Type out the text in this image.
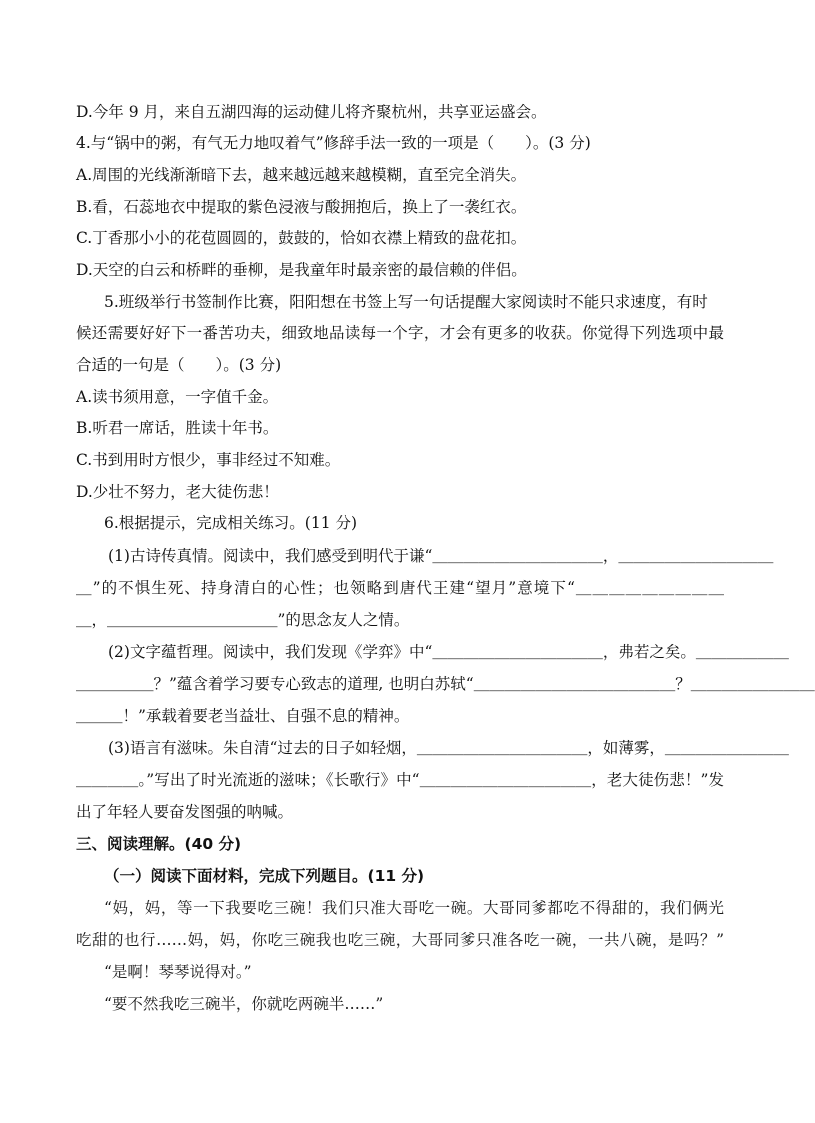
D.今年 9 月，来自五湖四海的运动健儿将齐聚杭州，共享亚运盛会。
4.与“锅中的粥，有气无力地叹着气”修辞手法一致的一项是（　　）。(3 分)
A.周围的光线渐渐暗下去，越来越远越来越模糊，直至完全消失。
B.看，石蕊地衣中提取的紫色浸液与酸拥抱后，换上了一袭红衣。
C.丁香那小小的花苞圆圆的，鼓鼓的，恰如衣襟上精致的盘花扣。
D.天空的白云和桥畔的垂柳，是我童年时最亲密的最信赖的伴侣。
5.班级举行书签制作比赛，阳阳想在书签上写一句话提醒大家阅读时不能只求速度，有时
候还需要好好下一番苦功夫，细致地品读每一个字，才会有更多的收获。你觉得下列选项中最
合适的一句是（　　）。(3 分)
A.读书须用意，一字值千金。
B.听君一席话，胜读十年书。
C.书到用时方恨少，事非经过不知难。
D.少壮不努力，老大徒伤悲！
6.根据提示，完成相关练习。(11 分)
(1)古诗传真情。阅读中，我们感受到明代于谦“＿＿＿＿＿＿＿＿＿＿＿，＿＿＿＿＿＿＿＿＿＿
＿”的不惧生死、持身清白的心性；也领略到唐代王建“望月”意境下“＿＿＿＿＿＿＿＿＿
＿，＿＿＿＿＿＿＿＿＿＿＿”的思念友人之情。
(2)文字蕴哲理。阅读中，我们发现《学弈》中“＿＿＿＿＿＿＿＿＿＿＿，弗若之矣。＿＿＿＿＿＿
＿＿＿＿＿？”蕴含着学习要专心致志的道理, 也明白苏轼“＿＿＿＿＿＿＿＿＿＿＿＿＿？＿＿＿＿＿＿＿＿
＿＿＿！”承载着要老当益壮、自强不息的精神。
(3)语言有滋味。朱自清“过去的日子如轻烟，＿＿＿＿＿＿＿＿＿＿＿，如薄雾，＿＿＿＿＿＿＿＿
＿＿＿＿。”写出了时光流逝的滋味；《长歌行》中“＿＿＿＿＿＿＿＿＿＿＿，老大徒伤悲！”发
出了年轻人要奋发图强的呐喊。
三、阅读理解。(40 分)
（一）阅读下面材料，完成下列题目。(11 分)
“妈，妈，等一下我要吃三碗！我们只准大哥吃一碗。大哥同爹都吃不得甜的，我们俩光
吃甜的也行……妈，妈，你吃三碗我也吃三碗，大哥同爹只准各吃一碗，一共八碗，是吗？”
“是啊！琴琴说得对。”
“要不然我吃三碗半，你就吃两碗半……”
